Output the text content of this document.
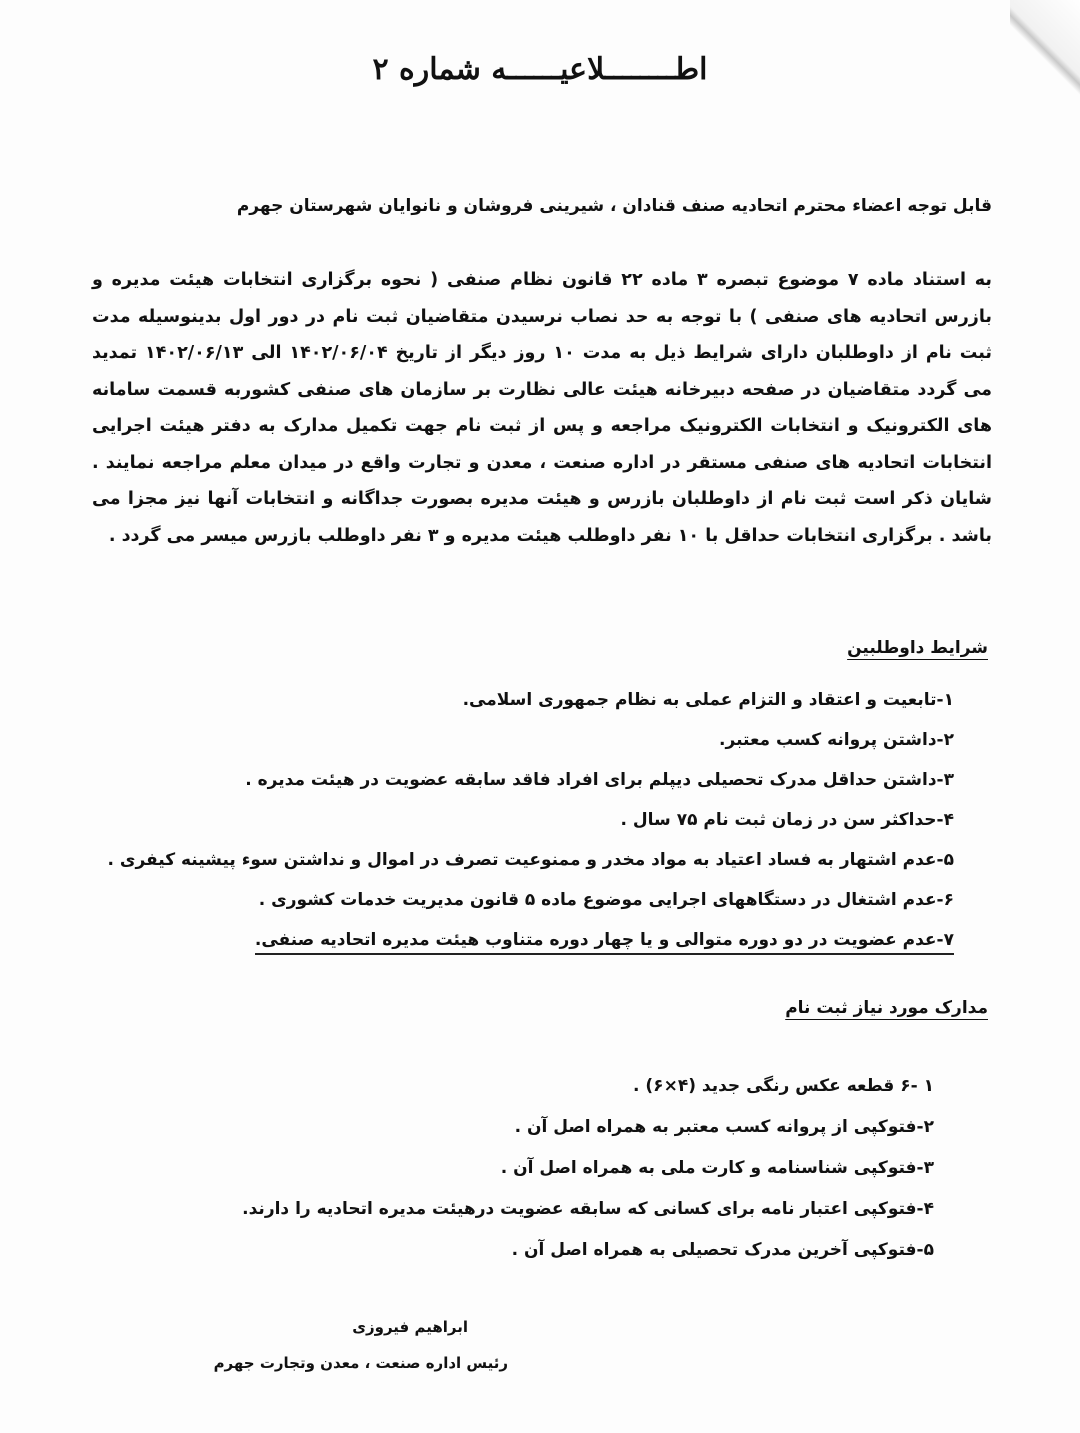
اطــــــــلاعیــــــه شماره ۲
قابل توجه اعضاء محترم اتحادیه صنف قنادان ، شیرینی فروشان و نانوایان شهرستان جهرم
به استناد ماده ۷ موضوع تبصره ۳ ماده ۲۲ قانون نظام صنفی ( نحوه برگزاری انتخابات هیئت مدیره و بازرس اتحادیه های صنفی ) با توجه به حد نصاب نرسیدن متقاضیان ثبت نام در دور اول بدینوسیله مدت ثبت نام از داوطلبان دارای شرایط ذیل به مدت ۱۰ روز دیگر از تاریخ ۱۴۰۲/۰۶/۰۴ الی ۱۴۰۲/۰۶/۱۳ تمدید می گردد متقاضیان در صفحه دبیرخانه هیئت عالی نظارت بر سازمان های صنفی کشوربه قسمت سامانه های الکترونیک و انتخابات الکترونیک مراجعه و پس از ثبت نام جهت تکمیل مدارک به دفتر هیئت اجرایی انتخابات اتحادیه های صنفی مستقر در اداره صنعت ، معدن و تجارت واقع در میدان معلم مراجعه نمایند . شایان ذکر است ثبت نام از داوطلبان بازرس و هیئت مدیره بصورت جداگانه و انتخابات آنها نیز مجزا می باشد . برگزاری انتخابات حداقل با ۱۰ نفر داوطلب هیئت مدیره و ۳ نفر داوطلب بازرس میسر می گردد .
شرایط داوطلبین
۱-تابعیت و اعتقاد و التزام عملی به نظام جمهوری اسلامی.
۲-داشتن پروانه کسب معتبر.
۳-داشتن حداقل مدرک تحصیلی دیپلم برای افراد فاقد سابقه عضویت در هیئت مدیره .
۴-حداکثر سن در زمان ثبت نام ۷۵ سال .
۵-عدم اشتهار به فساد اعتیاد به مواد مخدر و ممنوعیت تصرف در اموال و نداشتن سوء پیشینه کیفری .
۶-عدم اشتغال در دستگاههای اجرایی موضوع ماده ۵ قانون مدیریت خدمات کشوری .
۷-عدم عضویت در دو دوره متوالی و یا چهار دوره متناوب هیئت مدیره اتحادیه صنفی.
مدارک مورد نیاز ثبت نام
۱ -۶ قطعه عکس رنگی جدید (۴×۶) .
۲-فتوکپی از پروانه کسب معتبر به همراه اصل آن .
۳-فتوکپی شناسنامه و کارت ملی به همراه اصل آن .
۴-فتوکپی اعتبار نامه برای کسانی که سابقه عضویت درهیئت مدیره اتحادیه را دارند.
۵-فتوکپی آخرین مدرک تحصیلی به همراه اصل آن .
ابراهیم فیروزی
رئیس اداره صنعت ، معدن وتجارت جهرم
